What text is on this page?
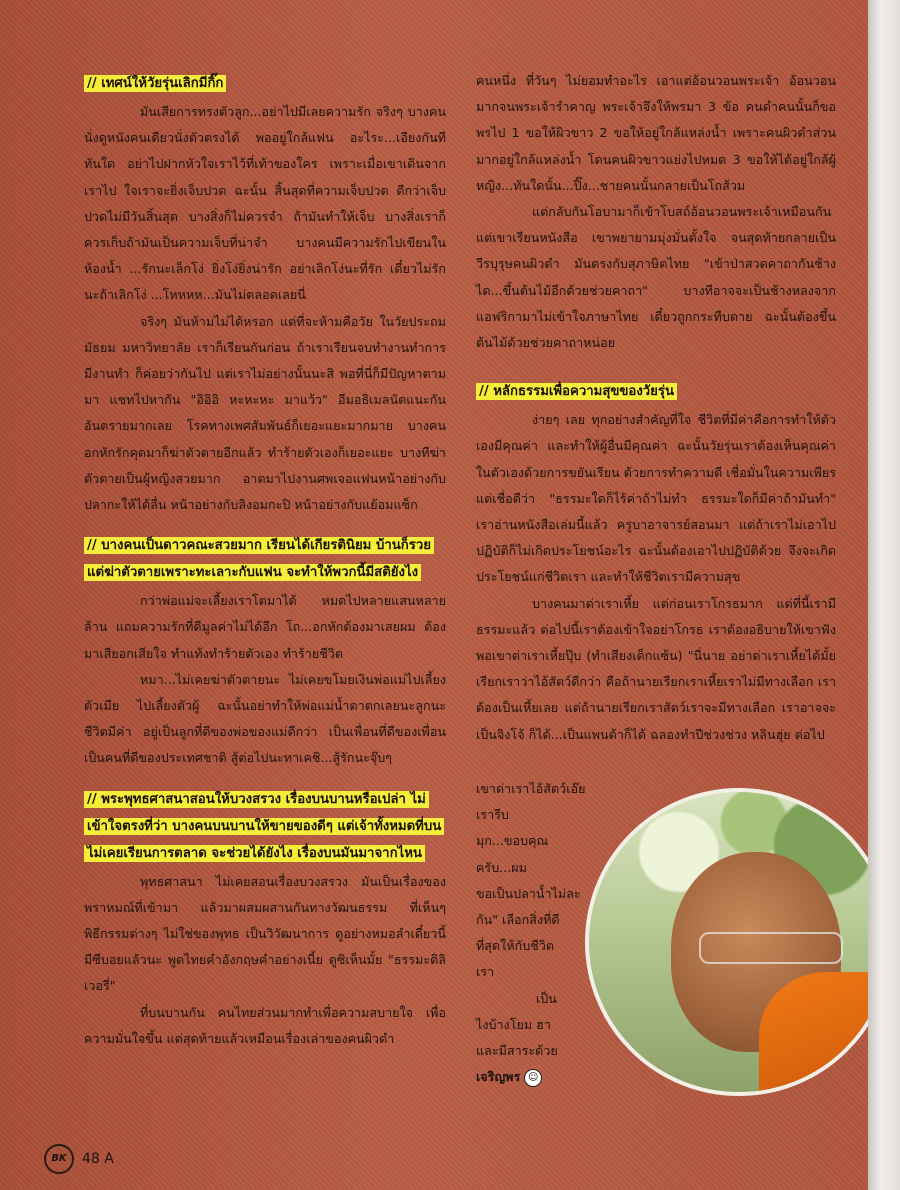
// เทศน์ให้วัยรุ่นเลิกมีกิ๊ก

มันเสียการทรงตัวลูก...อย่าไปมีเลยความรัก จริงๆ บางคนนั่งดูหนังคนเดียวนั่งตัวตรงได้ พออยู่ใกล้แฟน อะไระ...เอียงกันทีทันใด อย่าไปฝากหัวใจเราไว้ที่เท้าของใคร เพราะเมื่อเขาเดินจากเราไป ใจเราจะยิ่งเจ็บปวด ฉะนั้น สิ้นสุดที่ความเจ็บปวด ดีกว่าเจ็บปวดไม่มีวันสิ้นสุด บางสิ่งก็ไม่ควรจำ ถ้ามันทำให้เจ็บ บางสิ่งเราก็ควรเก็บถ้ามันเป็นความเจ็บที่น่าจำ บางคนมีความรักไปเขียนในห้องน้ำ ...รักนะเล็กโง่ ยิ่งโง่ยิ่งน่ารัก อย่าเลิกโง่นะที่รัก เดี๋ยวไม่รักนะถ้าเลิกโง่ ...โหหหห...มันไม่ตลอดเลยนี่

จริงๆ มันห้ามไม่ได้หรอก แต่ที่จะห้ามคือวัย ในวัยประถม มัธยม มหาวิทยาลัย เราก็เรียนกันก่อน ถ้าเราเรียนจบทำงานทำการมีงานทำ ก็ค่อยว่ากันไป แต่เราไม่อย่างนั้นนะสิ พอที่นี่ก็มีปัญหาตามมา แชทไปหากัน "อิอิอิ หะหะหะ มาแว้ว" อีมอธิเมลนัดแนะกัน อันตรายมากเลย โรคทางเพศสัมพันธ์ก็เยอะแยะมากมาย บางคนอกหักรักคุดมาก็ฆ่าตัวตายอีกแล้ว ทำร้ายตัวเองก็เยอะแยะ บางทีฆ่าตัวตายเป็นผู้หญิงสวยมาก อาตมาไปงานศพเจอแฟนหน้าอย่างกับปลากะให้ได้ลื่น หน้าอย่างกับลิงอมกะปิ หน้าอย่างกับแย้อมแซ็ก

// บางคนเป็นดาวคณะสวยมาก เรียนได้เกียรตินิยม บ้านก็รวย แต่ฆ่าตัวตายเพราะทะเลาะกับแฟน จะทำให้พวกนี้มีสติยังไง

กว่าพ่อแม่จะเลี้ยงเราโตมาได้ หมดไปหลายแสนหลายล้าน แถมความรักที่ดีมูลค่าไม่ได้อีก โถ...อกหักต้องมาเสยผม ต้องมาเสียอกเสียใจ ทำแท้งทำร้ายตัวเอง ทำร้ายชีวิต

หมา...ไม่เคยฆ่าตัวตายนะ ไม่เคยขโมยเงินพ่อแม่ไปเลี้ยงตัวเมีย ไปเลี้ยงตัวผู้ ฉะนั้นอย่าทำให้พ่อแม่น้ำตาตกเลยนะลูกนะ ชีวิตมีค่า อยู่เป็นลูกที่ดีของพ่อของแม่ดีกว่า เป็นเพื่อนที่ดีของเพื่อน เป็นคนที่ดีของประเทศชาติ สู้ต่อไปนะทาเคชิ...สู้รักนะจุ๊บๆ

// พระพุทธศาสนาสอนให้บวงสรวง เรื่องบนบานหรือเปล่า ไม่เข้าใจตรงที่ว่า บางคนบนบานให้ขายของดีๆ แต่เจ้าทั้งหมดที่บน ไม่เคยเรียนการตลาด จะช่วยได้ยังไง เรื่องบนมันมาจากไหน

พุทธศาสนา ไม่เคยสอนเรื่องบวงสรวง มันเป็นเรื่องของพราหมณ์ที่เข้ามา แล้วมาผสมผสานกันทางวัฒนธรรม ที่เห็นๆ พิธีกรรมต่างๆ ไม่ใช่ของพุทธ เป็นวิวัฒนาการ ดูอย่างหมอลำเดี๋ยวนี้มีซีบอยแล้วนะ พูดไทยคำอังกฤษคำอย่างเนี้ย ดูซิเห็นมั้ย "ธรรมะดิลิเวอรี่"

ที่บนบานกัน คนไทยส่วนมากทำเพื่อความสบายใจ เพื่อความมั่นใจขึ้น แต่สุดท้ายแล้วเหมือนเรื่องเล่าของคนผิวดำ

คนหนึ่ง ที่วันๆ ไม่ยอมทำอะไร เอาแต่อ้อนวอนพระเจ้า อ้อนวอนมากจนพระเจ้ารำคาญ พระเจ้าจึงให้พรมา 3 ข้อ คนดำคนนั้นก็ขอพรไป 1 ขอให้ผิวขาว 2 ขอให้อยู่ใกล้แหล่งน้ำ เพราะคนผิวดำส่วนมากอยู่ใกล้แหล่งน้ำ โดนคนผิวขาวแย่งไปหมด 3 ขอให้ได้อยู่ใกล้ผู้หญิง...ทันใดนั้น...ปิ๊ง...ชายคนนั้นกลายเป็นโถส้วม

แต่กลับกันโอบามาก็เข้าโบสถ์อ้อนวอนพระเจ้าเหมือนกัน แต่เขาเรียนหนังสือ เขาพยายามมุ่งมั่นตั้งใจ จนสุดท้ายกลายเป็นวีรบุรุษคนผิวดำ มันตรงกับสุภาษิตไทย "เข้าป่าสวดคาถากันช้างได...ขึ้นต้นไม้อีกด้วยช่วยคาถา" บางทีอาจจะเป็นช้างหลงจากแอฟริกามาไม่เข้าใจภาษาไทย เดี๋ยวถูกกระทืบตาย ฉะนั้นต้องขึ้นต้นไม้ด้วยช่วยคาถาหน่อย

// หลักธรรมเพื่อความสุขของวัยรุ่น

ง่ายๆ เลย ทุกอย่างสำคัญที่ใจ ชีวิตที่มีค่าคือการทำให้ตัวเองมีคุณค่า และทำให้ผู้อื่นมีคุณค่า ฉะนั้นวัยรุ่นเราต้องเห็นคุณค่าในตัวเองด้วยการขยันเรียน ด้วยการทำความดี เชื่อมั่นในความเพียร แต่เชื่อดีว่า "ธรรมะใดก็ไร้ค่าถ้าไม่ทำ ธรรมะใดก็มีค่าถ้ามันทำ" เราอ่านหนังสือเล่มนี้แล้ว ครูบาอาจารย์สอนมา แต่ถ้าเราไม่เอาไปปฏิบัติก็ไม่เกิดประโยชน์อะไร ฉะนั้นต้องเอาไปปฏิบัติด้วย จึงจะเกิดประโยชน์แก่ชีวิตเรา และทำให้ชีวิตเรามีความสุข

บางคนมาด่าเราเหี้ย แต่ก่อนเราโกรธมาก แต่ที่นี้เรามีธรรมะแล้ว ต่อไปนี้เราต้องเข้าใจอย่าโกรธ เราต้องอธิบายให้เขาฟัง พอเขาด่าเราเหี้ยปุ๊บ (ทำเสียงเด็กแซ้น) "นี่นาย อย่าด่าเราเหี้ยได้มั้ย เรียกเราว่าไอ้สัตว์ดีกว่า คือถ้านายเรียกเราเหี้ยเราไม่มีทางเลือก เราต้องเป็นเหี้ยเลย แต่ถ้านายเรียกเราสัตว์เราจะมีทางเลือก เราอาจจะเป็นจิงโจ้ ก็ได้...เป็นแพนด้าก็ได้ ฉลองทำปีช่วงช่วง หลินฮุ่ย ต่อไป

เขาด่าเราไอ้สัตว์เอ๊ย เรารีบ
มุก...ขอบคุณครับ...ผม
ขอเป็นปลาน้ำไม่ละ
กัน" เลือกสิ่งที่ดี
ที่สุดให้กับชีวิต
เรา
เป็น
ไงบ้างโยม ฮา
และมีสาระด้วย
เจริญพร ☺
BK 48 A
